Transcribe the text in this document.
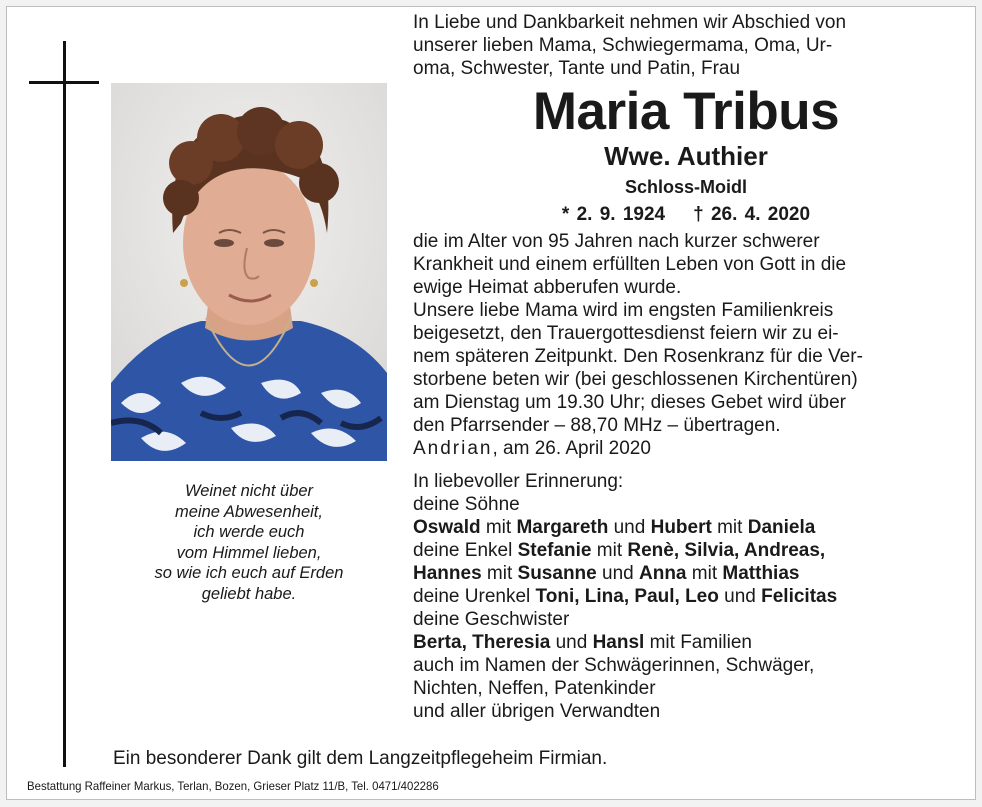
Weinet nicht über
meine Abwesenheit,
ich werde euch
vom Himmel lieben,
so wie ich euch auf Erden
geliebt habe.
In Liebe und Dankbarkeit nehmen wir Abschied von
unserer lieben Mama, Schwiegermama, Oma, Ur-
oma, Schwester, Tante und Patin, Frau
Maria Tribus
Wwe. Authier
Schloss-Moidl
* 2. 9. 1924 † 26. 4. 2020
die im Alter von 95 Jahren nach kurzer schwerer
Krankheit und einem erfüllten Leben von Gott in die
ewige Heimat abberufen wurde.
Unsere liebe Mama wird im engsten Familienkreis
beigesetzt, den Trauergottesdienst feiern wir zu ei-
nem späteren Zeitpunkt. Den Rosenkranz für die Ver-
storbene beten wir (bei geschlossenen Kirchentüren)
am Dienstag um 19.30 Uhr; dieses Gebet wird über
den Pfarrsender – 88,70 MHz – übertragen.
Andrian, am 26. April 2020
In liebevoller Erinnerung:
deine Söhne
Oswald mit Margareth und Hubert mit Daniela
deine Enkel Stefanie mit Renè, Silvia, Andreas,
Hannes mit Susanne und Anna mit Matthias
deine Urenkel Toni, Lina, Paul, Leo und Felicitas
deine Geschwister
Berta, Theresia und Hansl mit Familien
auch im Namen der Schwägerinnen, Schwäger,
Nichten, Neffen, Patenkinder
und aller übrigen Verwandten
Ein besonderer Dank gilt dem Langzeitpflegeheim Firmian.
Bestattung Raffeiner Markus, Terlan, Bozen, Grieser Platz 11/B, Tel. 0471/402286
